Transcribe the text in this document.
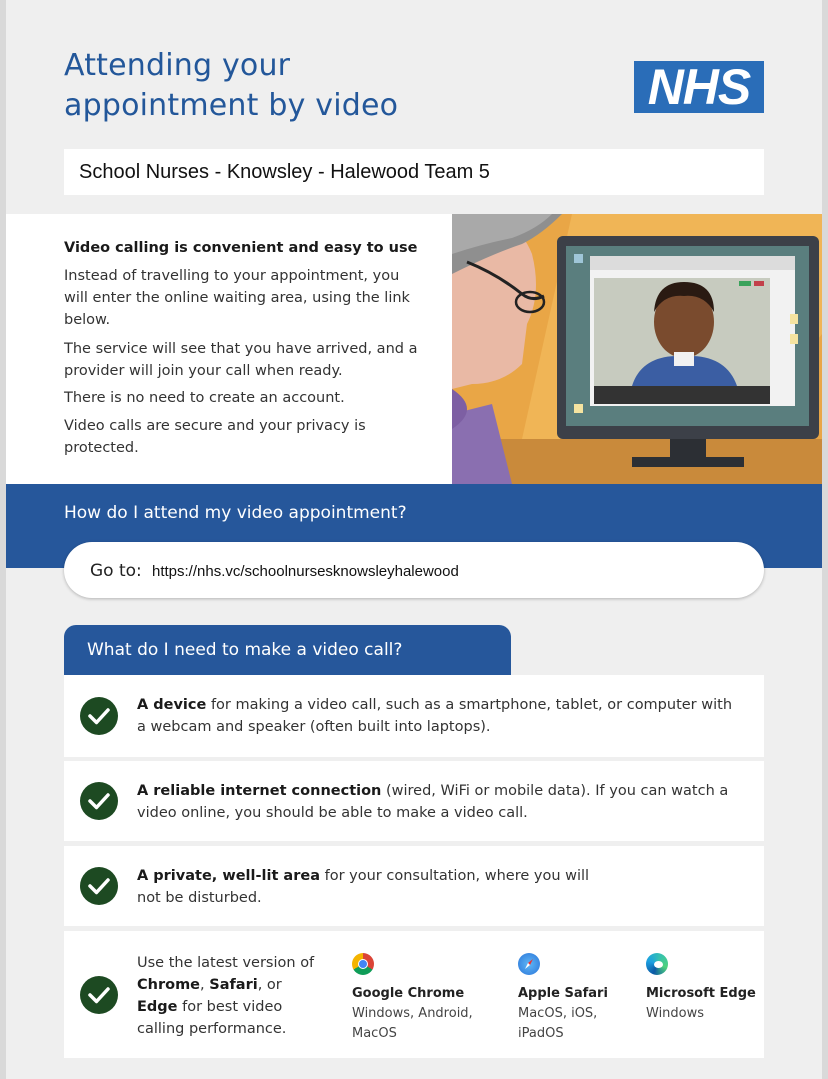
Attending your
appointment by video	NHS
School Nurses - Knowsley - Halewood Team 5
Video calling is convenient and easy to use

Instead of travelling to your appointment, you will enter the online waiting area, using the link below.

The service will see that you have arrived, and a provider will join your call when ready.

There is no need to create an account.

Video calls are secure and your privacy is protected.

How do I attend my video appointment?
Go to: https://nhs.vc/schoolnursesknowsleyhalewood
What do I need to make a video call?
A device for making a video call, such as a smartphone, tablet, or computer with a webcam and speaker (often built into laptops).
A reliable internet connection (wired, WiFi or mobile data). If you can watch a video online, you should be able to make a video call.
A private, well-lit area for your consultation, where you will not be disturbed.
Use the latest version of Chrome, Safari, or Edge for best video calling performance.
Google Chrome
Windows, Android, MacOS
Apple Safari
MacOS, iOS, iPadOS
Microsoft Edge
Windows
